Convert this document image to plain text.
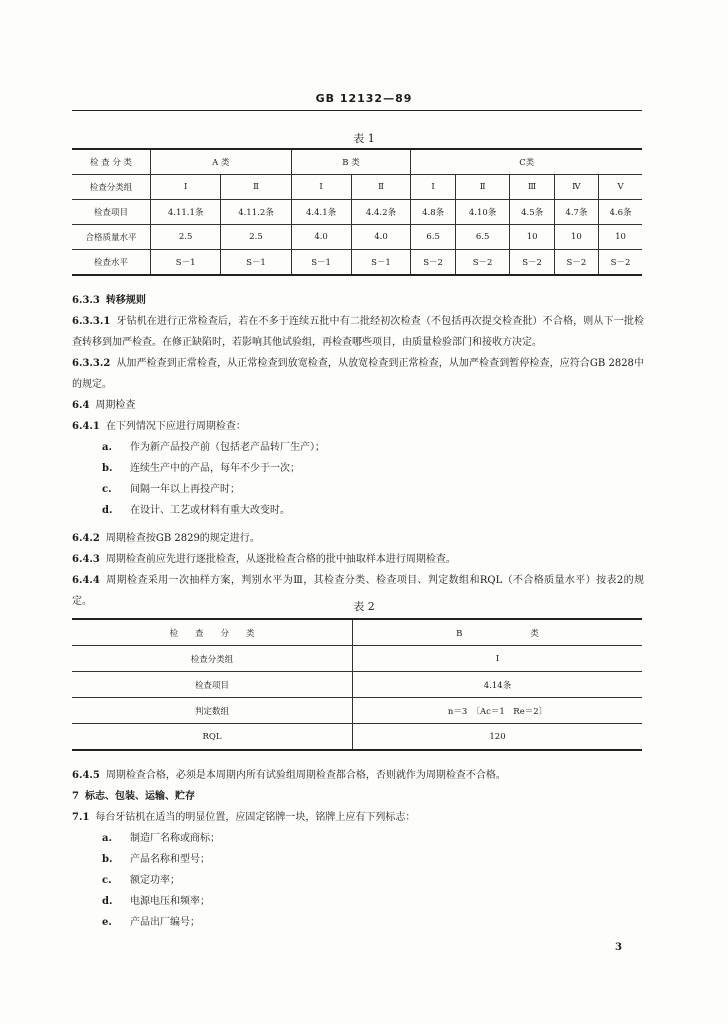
GB 12132—89
表 1
检 查 分 类	A 类		B 类		C类				
检查分类组	Ⅰ	Ⅱ	Ⅰ	Ⅱ	Ⅰ	Ⅱ	Ⅲ	Ⅳ	Ⅴ
检查项目	4.11.1条	4.11.2条	4.4.1条	4.4.2条	4.8条	4.10条	4.5条	4.7条	4.6条
合格质量水平	2.5	2.5	4.0	4.0	6.5	6.5	10	10	10
检查水平	S－1	S－1	S－1	S－1	S－2	S－2	S－2	S－2	S－2

6.3.3 转移规则

6.3.3.1 牙钻机在进行正常检查后，若在不多于连续五批中有二批经初次检查（不包括再次提交检查批）不合格，则从下一批检查转移到加严检查。在修正缺陷时，若影响其他试验组，再检查哪些项目，由质量检验部门和接收方决定。

6.3.3.2 从加严检查到正常检查，从正常检查到放宽检查，从放宽检查到正常检查，从加严检查到暂停检查，应符合GB 2828中的规定。

6.4 周期检查

6.4.1 在下列情况下应进行周期检查：

a. 作为新产品投产前（包括老产品转厂生产）；

b. 连续生产中的产品，每年不少于一次；

c. 间隔一年以上再投产时；

d. 在设计、工艺或材料有重大改变时。

6.4.2 周期检查按GB 2829的规定进行。

6.4.3 周期检查前应先进行逐批检查，从逐批检查合格的批中抽取样本进行周期检查。

6.4.4 周期检查采用一次抽样方案，判别水平为Ⅲ，其检查分类、检查项目、判定数组和RQL（不合格质量水平）按表2的规定。	表 2
检　　查　　分　　类	B　　　　　　　　类
检查分类组	Ⅰ
检查项目	4.14条
判定数组	n＝3　〔Ac＝1　Re＝2〕
RQL	120

6.4.5 周期检查合格，必须是本周期内所有试验组周期检查都合格，否则就作为周期检查不合格。

7 标志、包装、运输、贮存

7.1 每台牙钻机在适当的明显位置，应固定铭牌一块，铭牌上应有下列标志：

a. 制造厂名称或商标；

b. 产品名称和型号；

c. 额定功率；

d. 电源电压和频率；

e. 产品出厂编号；

3
